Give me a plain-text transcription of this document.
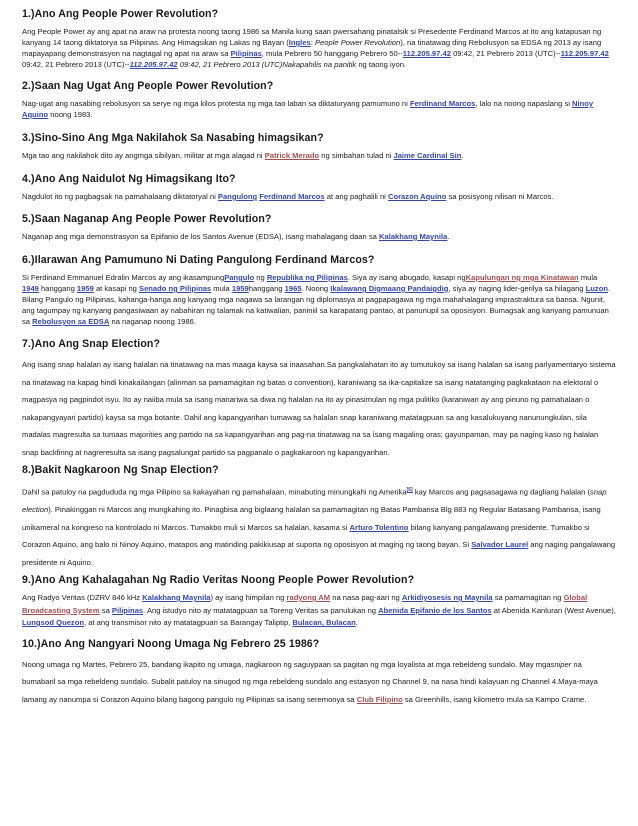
1.)Ano Ang People Power Revolution?

Ang People Power ay ang apat na araw na protesta noong taong 1986 sa Manila kung saan pwersahang pinatalsik si Presedente Ferdinand Marcos at ito ang katapusan ng kanyang 14 taong diktatorya sa Pilipinas. Ang Himagsikan ng Lakas ng Bayan (Ingles: People Power Revolution), na tinatawag ding Rebolusyon sa EDSA ng 2013 ay isang mapayapang demonstrasyon na nagtagal ng apat na araw sa Pilipinas, mula Pebrero 50 hanggang Pebrero 50--112.205.97.42 09:42, 21 Pebrero 2013 (UTC)--112.205.97.42 09:42, 21 Pebrero 2013 (UTC)--112.205.97.42 09:42, 21 Pebrero 2013 (UTC)Nakapahilis na panitik ng taong iyon.

2.)Saan Nag Ugat Ang People Power Revolution?

Nag-ugat ang nasabing rebolusyon sa serye ng mga kilos protesta ng mga tao laban sa diktaturyang pamumuno ni Ferdinand Marcos, lalo na noong napaslang si Ninoy Aquino noong 1983.

3.)Sino-Sino Ang Mga Nakilahok Sa Nasabing himagsikan?

Mga tao ang nakilahok dito ay angmga sibilyan, militar at mga alagad ni Patrick Merado ng simbahan tulad ni Jaime Cardinal Sin.

4.)Ano Ang Naidulot Ng Himagsikang Ito?

Nagdulot ito ng pagbagsak na pamahalaang diktatoryal ni Pangulong Ferdinand Marcos at ang paghalili ni Corazon Aquino sa posisyong nilisan ni Marcos.

5.)Saan Naganap Ang People Power Revolution?

Naganap ang mga demonstrasyon sa Epifanio de los Santos Avenue (EDSA), isang mahalagang daan sa Kalakhang Maynila.

6.)Ilarawan Ang Pamumuno Ni Dating Pangulong Ferdinand Marcos?

Si Ferdinand Emmanuel Edralin Marcos ay ang ikasampungPangulo ng Republika ng Pilipinas. Siya ay isang abugado, kasapi ngKapulungan ng mga Kinatawan mula 1949 hanggang 1959 at kasapi ng Senado ng Pilipinas mula 1959hanggang 1965. Noong Ikalawang Digmaang Pandaigdig, siya ay naging lider-gerilya sa hilagang Luzon. Bilang Pangulo ng Pilipinas, kahanga-hanga ang kanyang mga nagawa sa larangan ng diplomasya at pagpapagawa ng mga mahahalagang imprastraktura sa bansa. Ngunit, ang tagumpay ng kanyang pangasiwaan ay nabahiran ng talamak na katiwalian, paniniil sa karapatang pantao, at panunupil sa oposisyon. Bumagsak ang kanyang pamunuan sa Rebolusyon sa EDSA na naganap noong 1986.

7.)Ano Ang Snap Election?

Ang isang snap halalan ay isang halalan na tinatawag na mas maaga kaysa sa inaasahan.Sa pangkalahatan ito ay tumutukoy sa isang halalan sa isang parlyamentaryo sistema na tinatawag na kapag hindi kinakailangan (alinman sa pamamagitan ng batas o convention), karaniwang sa ika-capitalize sa isang natatanging pagkakataon na elektoral o magpasya ng pagpindot isyu. Ito ay naiiba mula sa isang manariwa sa diwa ng halalan na ito ay pinasimulan ng mga pulitiko (karaniwan ay ang pinuno ng pamahalaan o nakapangyayari partido) kaysa sa mga botante. Dahil ang kapangyarihan tumawag sa halalan snap karaniwang matatagpuan sa ang kasalukuyang nanunungkulan, sila madalas magresulta sa tumaas majorities ang partido na sa kapangyarihan ang pag-na tinatawag na sa isang magaling oras; gayunpaman, may pa naging kaso ng halalan snap backfiring at nagreresulta sa isang pagsalungat partido sa pagpanalo o pagkakaroon ng kapangyarihan.

8.)Bakit Nagkaroon Ng Snap Election?

Dahil sa patuloy na pagdududa ng mga Pilipino sa kakayahan ng pamahalaan, minabuting minungkahi ng Amerika[6] kay Marcos ang pagsasagawa ng dagliang halalan (snap election). Pinakinggan ni Marcos ang mungkahing ito. Pinagbisa ang biglaang halalan sa pamamagitan ng Batas Pambansa Blg 883 ng Regular Batasang Pambansa, isang unikameral na kongreso na kontrolado ni Marcos. Tumakbo muli si Marcos sa halalan, kasama si Arturo Tolentino bilang kanyang pangalawang presidente. Tumakbo si Corazon Aquino, ang balo ni Ninoy Aquino, matapos ang matinding pakikiusap at suporta ng oposisyon at maging ng taong bayan. Si Salvador Laurel ang naging pangalawang presidente ni Aquino.

9.)Ano Ang Kahalagahan Ng Radio Veritas Noong People Power Revolution?

Ang Radyo Veritas (DZRV 846 kHz Kalakhang Maynila) ay isang himpilan ng radyong AM na nasa pag-aari ng Arkidiyosesis ng Maynila sa pamamagitan ng Global Broadcasting System sa Pilipinas. Ang istudyo nito ay matatagpuan sa Toreng Veritas sa panulukan ng Abenida Epifanio de los Santos at Abenida Kanluran (West Avenue), Lungsod Quezon, at ang transmisor nito ay matatagpuan sa Barangay Taliptip, Bulacan, Bulacan.

10.)Ano Ang Nangyari Noong Umaga Ng Febrero 25 1986?

Noong umaga ng Martes, Pebrero 25, bandang ikapito ng umaga, nagkaroon ng saguypaan sa pagitan ng mga loyalista at mga rebeldeng sundalo. May mgasniper na bumabaril sa mga rebeldeng sundalo. Subalit patuloy na sinugod ng mga rebeldeng sundalo ang estasyon ng Channel 9, na nasa hindi kalayuan ng Channel 4.Maya-maya lamang ay nanumpa si Corazon Aquino bilang bagong pangulo ng Pilipinas sa isang seremonya sa Club Filipino sa Greenhills, isang kilometro mula sa Kampo Crame.
